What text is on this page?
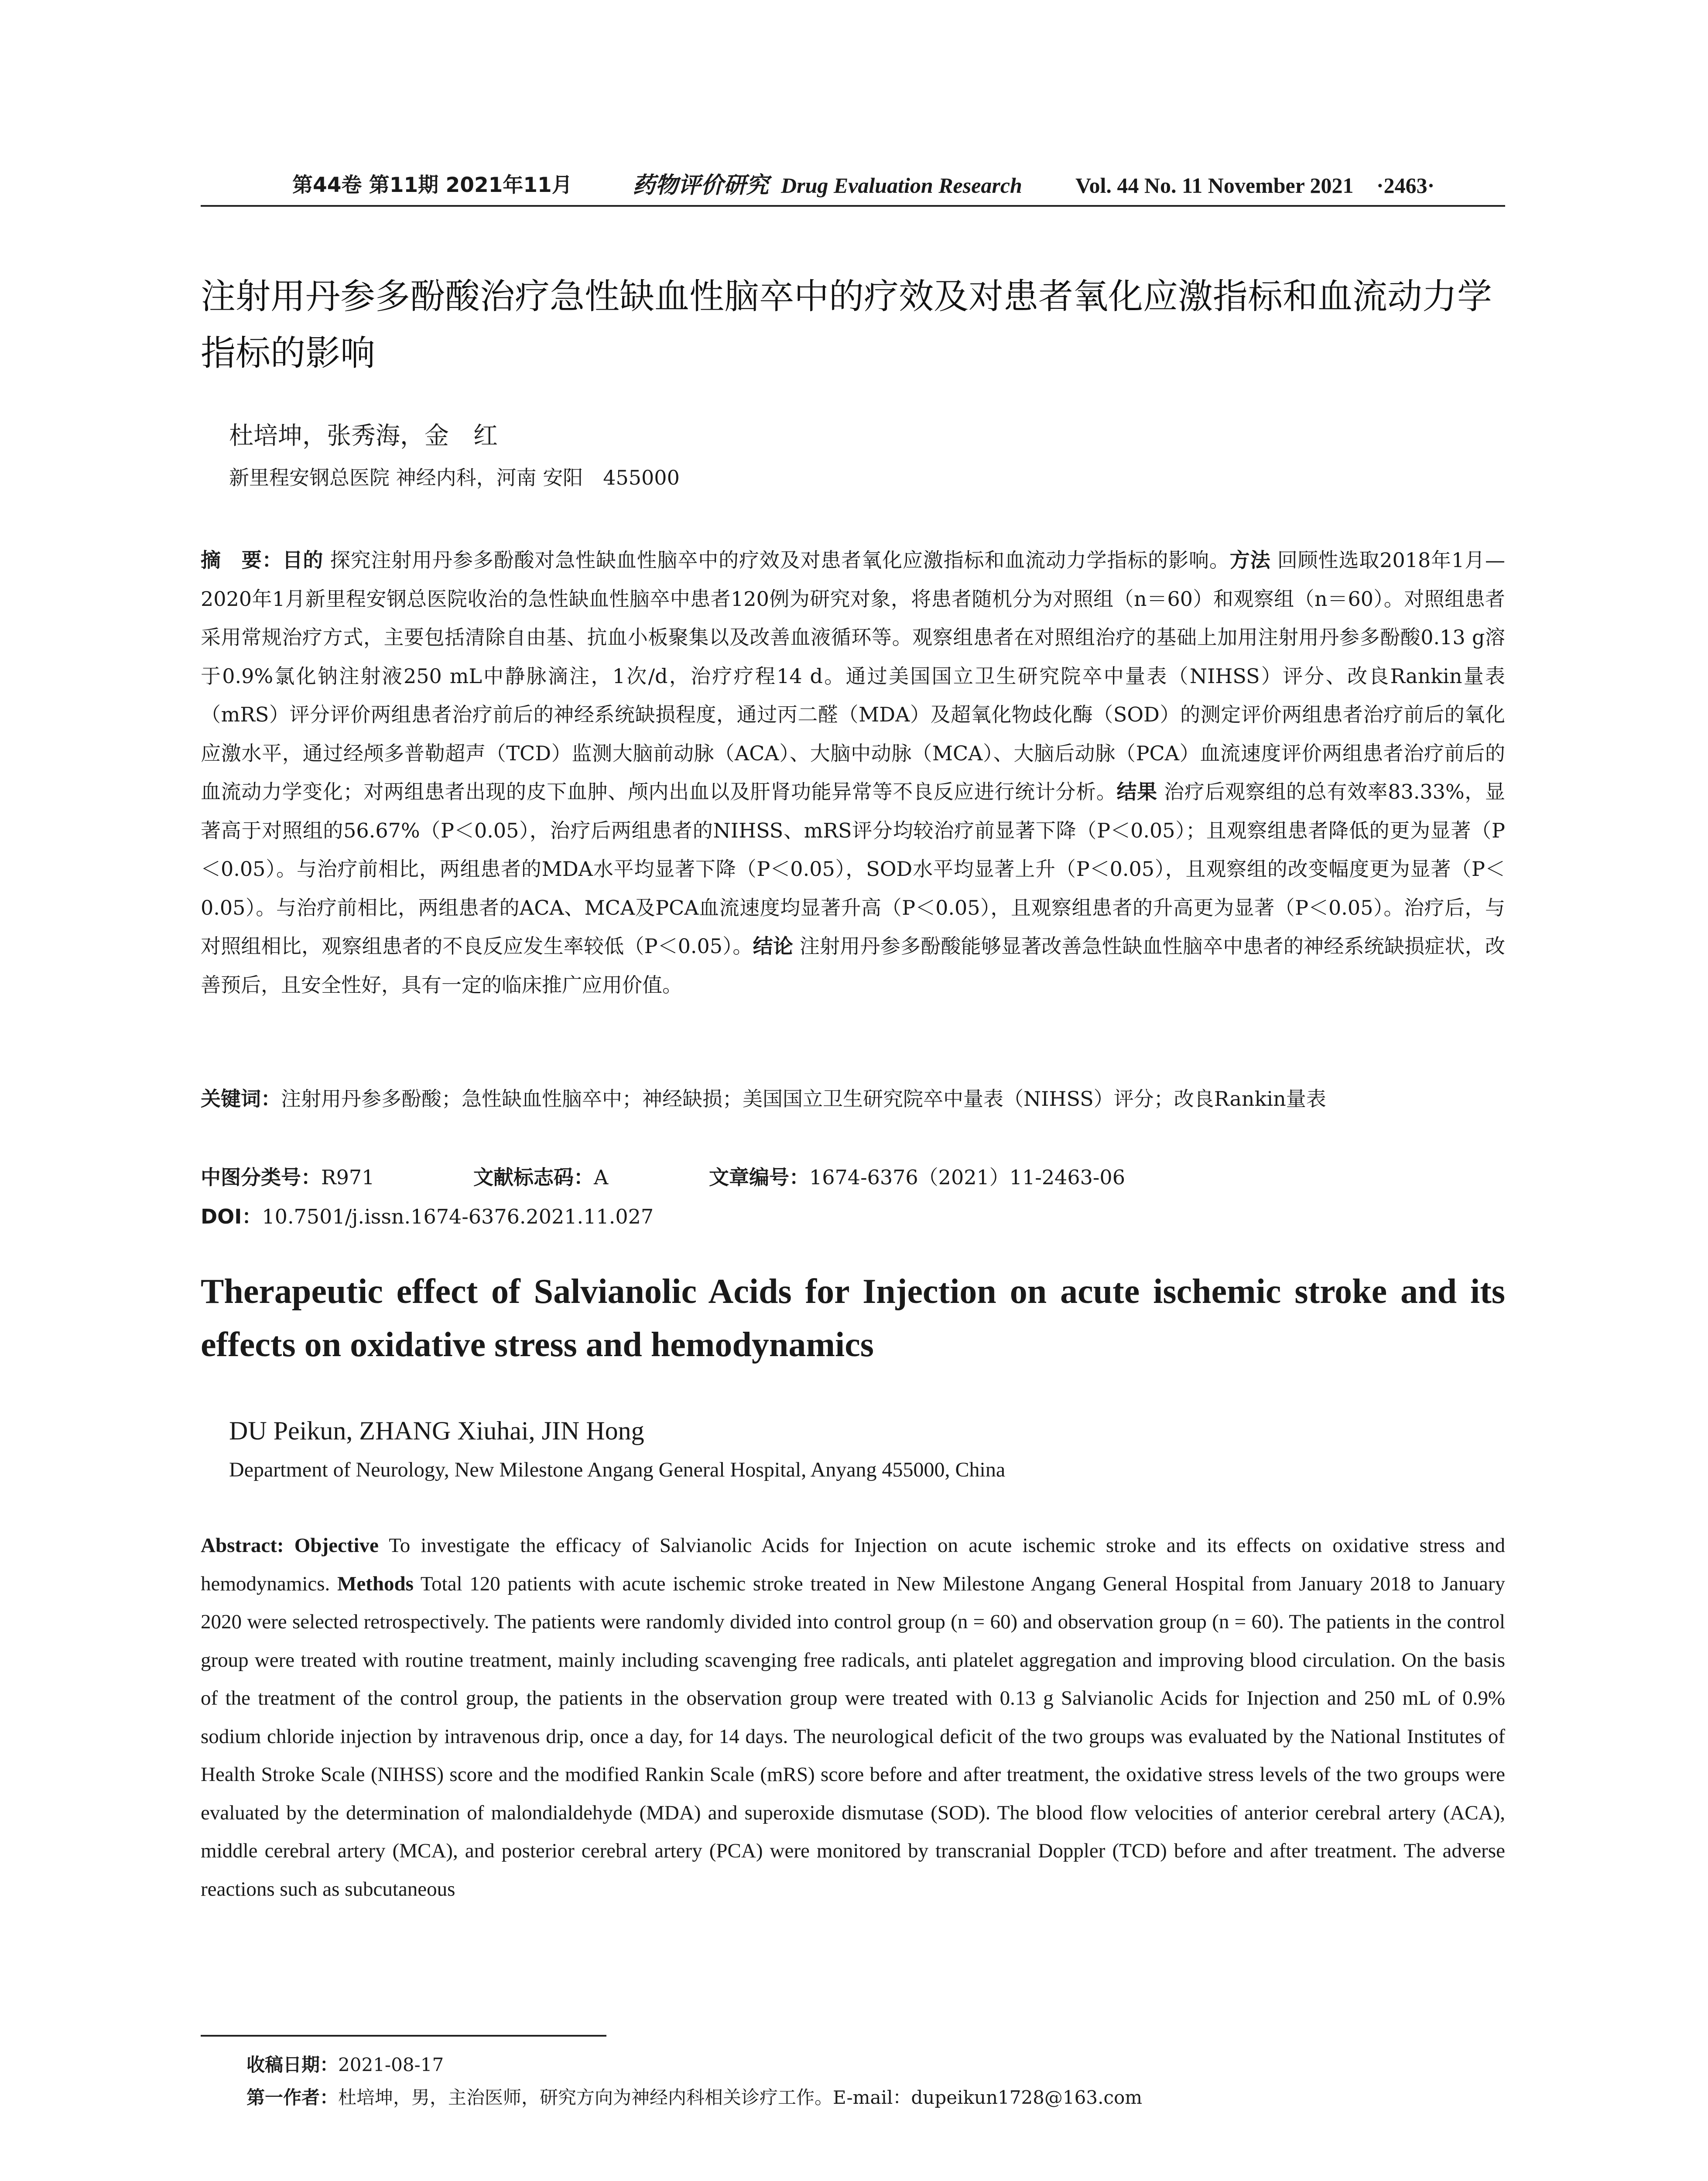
第44卷 第11期 2021年11月	药物评价研究 Drug Evaluation Research Vol. 44 No. 11 November 2021 ·2463·
注射用丹参多酚酸治疗急性缺血性脑卒中的疗效及对患者氧化应激指标和血流动力学指标的影响
杜培坤，张秀海，金　红
新里程安钢总医院 神经内科，河南 安阳　455000
摘　要：目的 探究注射用丹参多酚酸对急性缺血性脑卒中的疗效及对患者氧化应激指标和血流动力学指标的影响。方法 回顾性选取2018年1月—2020年1月新里程安钢总医院收治的急性缺血性脑卒中患者120例为研究对象，将患者随机分为对照组（n＝60）和观察组（n＝60）。对照组患者采用常规治疗方式，主要包括清除自由基、抗血小板聚集以及改善血液循环等。观察组患者在对照组治疗的基础上加用注射用丹参多酚酸0.13 g溶于0.9%氯化钠注射液250 mL中静脉滴注，1次/d，治疗疗程14 d。通过美国国立卫生研究院卒中量表（NIHSS）评分、改良Rankin量表（mRS）评分评价两组患者治疗前后的神经系统缺损程度，通过丙二醛（MDA）及超氧化物歧化酶（SOD）的测定评价两组患者治疗前后的氧化应激水平，通过经颅多普勒超声（TCD）监测大脑前动脉（ACA）、大脑中动脉（MCA）、大脑后动脉（PCA）血流速度评价两组患者治疗前后的血流动力学变化；对两组患者出现的皮下血肿、颅内出血以及肝肾功能异常等不良反应进行统计分析。结果 治疗后观察组的总有效率83.33%，显著高于对照组的56.67%（P＜0.05），治疗后两组患者的NIHSS、mRS评分均较治疗前显著下降（P＜0.05）；且观察组患者降低的更为显著（P＜0.05）。与治疗前相比，两组患者的MDA水平均显著下降（P＜0.05），SOD水平均显著上升（P＜0.05），且观察组的改变幅度更为显著（P＜0.05）。与治疗前相比，两组患者的ACA、MCA及PCA血流速度均显著升高（P＜0.05），且观察组患者的升高更为显著（P＜0.05）。治疗后，与对照组相比，观察组患者的不良反应发生率较低（P＜0.05）。结论 注射用丹参多酚酸能够显著改善急性缺血性脑卒中患者的神经系统缺损症状，改善预后，且安全性好，具有一定的临床推广应用价值。
关键词：注射用丹参多酚酸；急性缺血性脑卒中；神经缺损；美国国立卫生研究院卒中量表（NIHSS）评分；改良Rankin量表
中图分类号：R971	文献标志码：A	文章编号：1674-6376（2021）11-2463-06
DOI：10.7501/j.issn.1674-6376.2021.11.027
Therapeutic effect of Salvianolic Acids for Injection on acute ischemic stroke and its effects on oxidative stress and hemodynamics
DU Peikun, ZHANG Xiuhai, JIN Hong
Department of Neurology, New Milestone Angang General Hospital, Anyang 455000, China
Abstract: Objective To investigate the efficacy of Salvianolic Acids for Injection on acute ischemic stroke and its effects on oxidative stress and hemodynamics. Methods Total 120 patients with acute ischemic stroke treated in New Milestone Angang General Hospital from January 2018 to January 2020 were selected retrospectively. The patients were randomly divided into control group (n = 60) and observation group (n = 60). The patients in the control group were treated with routine treatment, mainly including scavenging free radicals, anti platelet aggregation and improving blood circulation. On the basis of the treatment of the control group, the patients in the observation group were treated with 0.13 g Salvianolic Acids for Injection and 250 mL of 0.9% sodium chloride injection by intravenous drip, once a day, for 14 days. The neurological deficit of the two groups was evaluated by the National Institutes of Health Stroke Scale (NIHSS) score and the modified Rankin Scale (mRS) score before and after treatment, the oxidative stress levels of the two groups were evaluated by the determination of malondialdehyde (MDA) and superoxide dismutase (SOD). The blood flow velocities of anterior cerebral artery (ACA), middle cerebral artery (MCA), and posterior cerebral artery (PCA) were monitored by transcranial Doppler (TCD) before and after treatment. The adverse reactions such as subcutaneous
收稿日期：2021-08-17
第一作者：杜培坤，男，主治医师，研究方向为神经内科相关诊疗工作。E-mail：dupeikun1728@163.com
